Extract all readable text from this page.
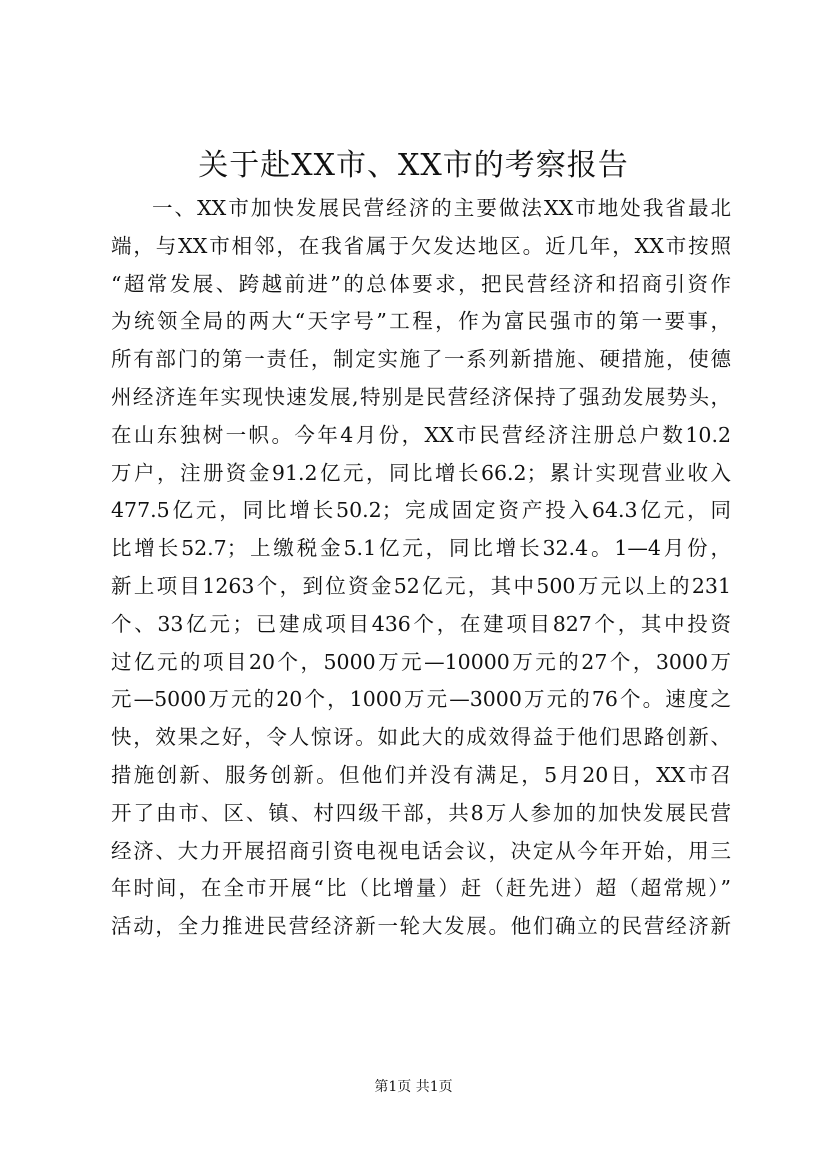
关于赴XX市、XX市的考察报告
一、XX市加快发展民营经济的主要做法XX市地处我省最北
端，与XX市相邻，在我省属于欠发达地区。近几年，XX市按照
“超常发展、跨越前进”的总体要求，把民营经济和招商引资作
为统领全局的两大“天字号”工程，作为富民强市的第一要事，
所有部门的第一责任，制定实施了一系列新措施、硬措施，使德
州经济连年实现快速发展,特别是民营经济保持了强劲发展势头，
在山东独树一帜。今年4月份，XX市民营经济注册总户数10.2
万户，注册资金91.2亿元，同比增长66.2；累计实现营业收入
477.5亿元，同比增长50.2；完成固定资产投入64.3亿元，同
比增长52.7；上缴税金5.1亿元，同比增长32.4。1—4月份，
新上项目1263个，到位资金52亿元，其中500万元以上的231
个、33亿元；已建成项目436个，在建项目827个，其中投资
过亿元的项目20个，5000万元—10000万元的27个，3000万
元—5000万元的20个，1000万元—3000万元的76个。速度之
快，效果之好，令人惊讶。如此大的成效得益于他们思路创新、
措施创新、服务创新。但他们并没有满足，5月20日，XX市召
开了由市、区、镇、村四级干部，共8万人参加的加快发展民营
经济、大力开展招商引资电视电话会议，决定从今年开始，用三
年时间，在全市开展“比（比增量）赶（赶先进）超（超常规）”
活动，全力推进民营经济新一轮大发展。他们确立的民营经济新
第1页 共1页
